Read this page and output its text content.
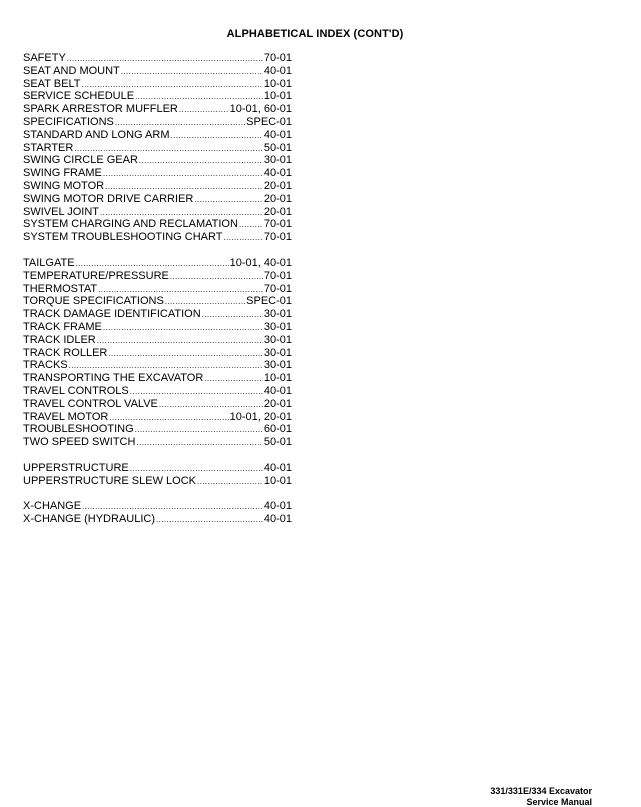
ALPHABETICAL INDEX (CONT'D)
SAFETY .....	70-01
SEAT AND MOUNT .....	40-01
SEAT BELT .....	10-01
SERVICE SCHEDULE .....	10-01
SPARK ARRESTOR MUFFLER .....	10-01, 60-01
SPECIFICATIONS .....	SPEC-01
STANDARD AND LONG ARM .....	40-01
STARTER .....	50-01
SWING CIRCLE GEAR .....	30-01
SWING FRAME .....	40-01
SWING MOTOR .....	20-01
SWING MOTOR DRIVE CARRIER .....	20-01
SWIVEL JOINT .....	20-01
SYSTEM CHARGING AND RECLAMATION ..... 70-01
SYSTEM TROUBLESHOOTING CHART .....	70-01
TAILGATE .....	10-01, 40-01
TEMPERATURE/PRESSURE .....	70-01
THERMOSTAT .....	70-01
TORQUE SPECIFICATIONS .....	SPEC-01
TRACK DAMAGE IDENTIFICATION .....	30-01
TRACK FRAME .....	30-01
TRACK IDLER .....	30-01
TRACK ROLLER .....	30-01
TRACKS .....	30-01
TRANSPORTING THE EXCAVATOR .....	10-01
TRAVEL CONTROLS .....	40-01
TRAVEL CONTROL VALVE .....	20-01
TRAVEL MOTOR .....	10-01, 20-01
TROUBLESHOOTING .....	60-01
TWO SPEED SWITCH .....	50-01
UPPERSTRUCTURE .....	40-01
UPPERSTRUCTURE SLEW LOCK .....	10-01
X-CHANGE .....	40-01
X-CHANGE (HYDRAULIC) .....	40-01
331/331E/334 Excavator
Service Manual
